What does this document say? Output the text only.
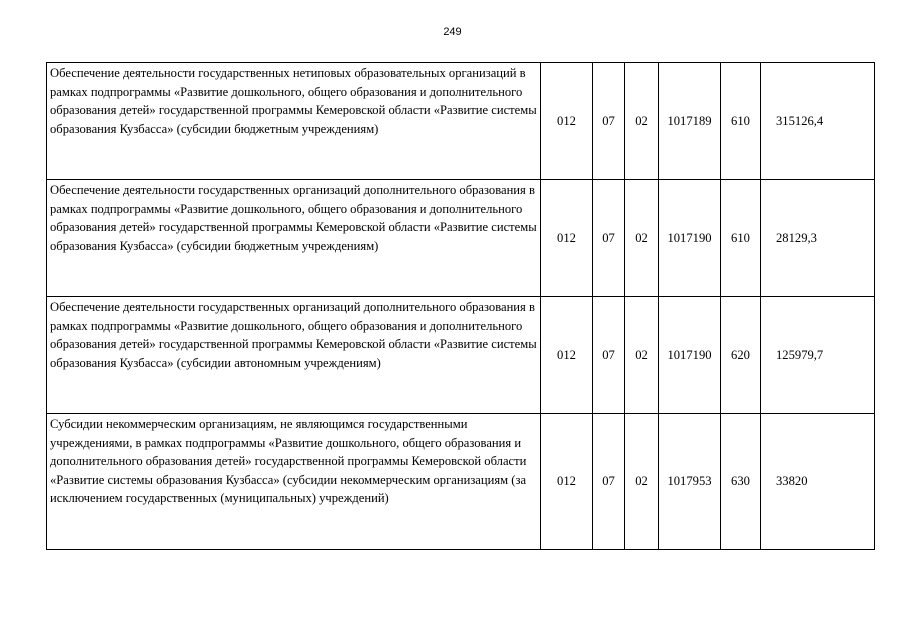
249
Обеспечение деятельности государственных нетиповых образовательных организаций в рамках подпрограммы «Развитие дошкольного, общего образования и дополнительного образования детей» государственной программы Кемеровской области «Развитие системы образования Кузбасса» (субсидии бюджетным учреждениям)	012	07	02	1017189	610	315126,4
Обеспечение деятельности государственных организаций дополнительного образования в рамках подпрограммы «Развитие дошкольного, общего образования и дополнительного образования детей» государственной программы Кемеровской области «Развитие системы образования Кузбасса» (субсидии бюджетным учреждениям)	012	07	02	1017190	610	28129,3
Обеспечение деятельности государственных организаций дополнительного образования в рамках подпрограммы «Развитие дошкольного, общего образования и дополнительного образования детей» государственной программы Кемеровской области «Развитие системы образования Кузбасса» (субсидии автономным учреждениям)	012	07	02	1017190	620	125979,7
Субсидии некоммерческим организациям, не являющимся государственными учреждениями, в рамках подпрограммы «Развитие дошкольного, общего образования и дополнительного образования детей» государственной программы Кемеровской области «Развитие системы образования Кузбасса» (субсидии некоммерческим организациям (за исключением государственных (муниципальных) учреждений)	012	07	02	1017953	630	33820
